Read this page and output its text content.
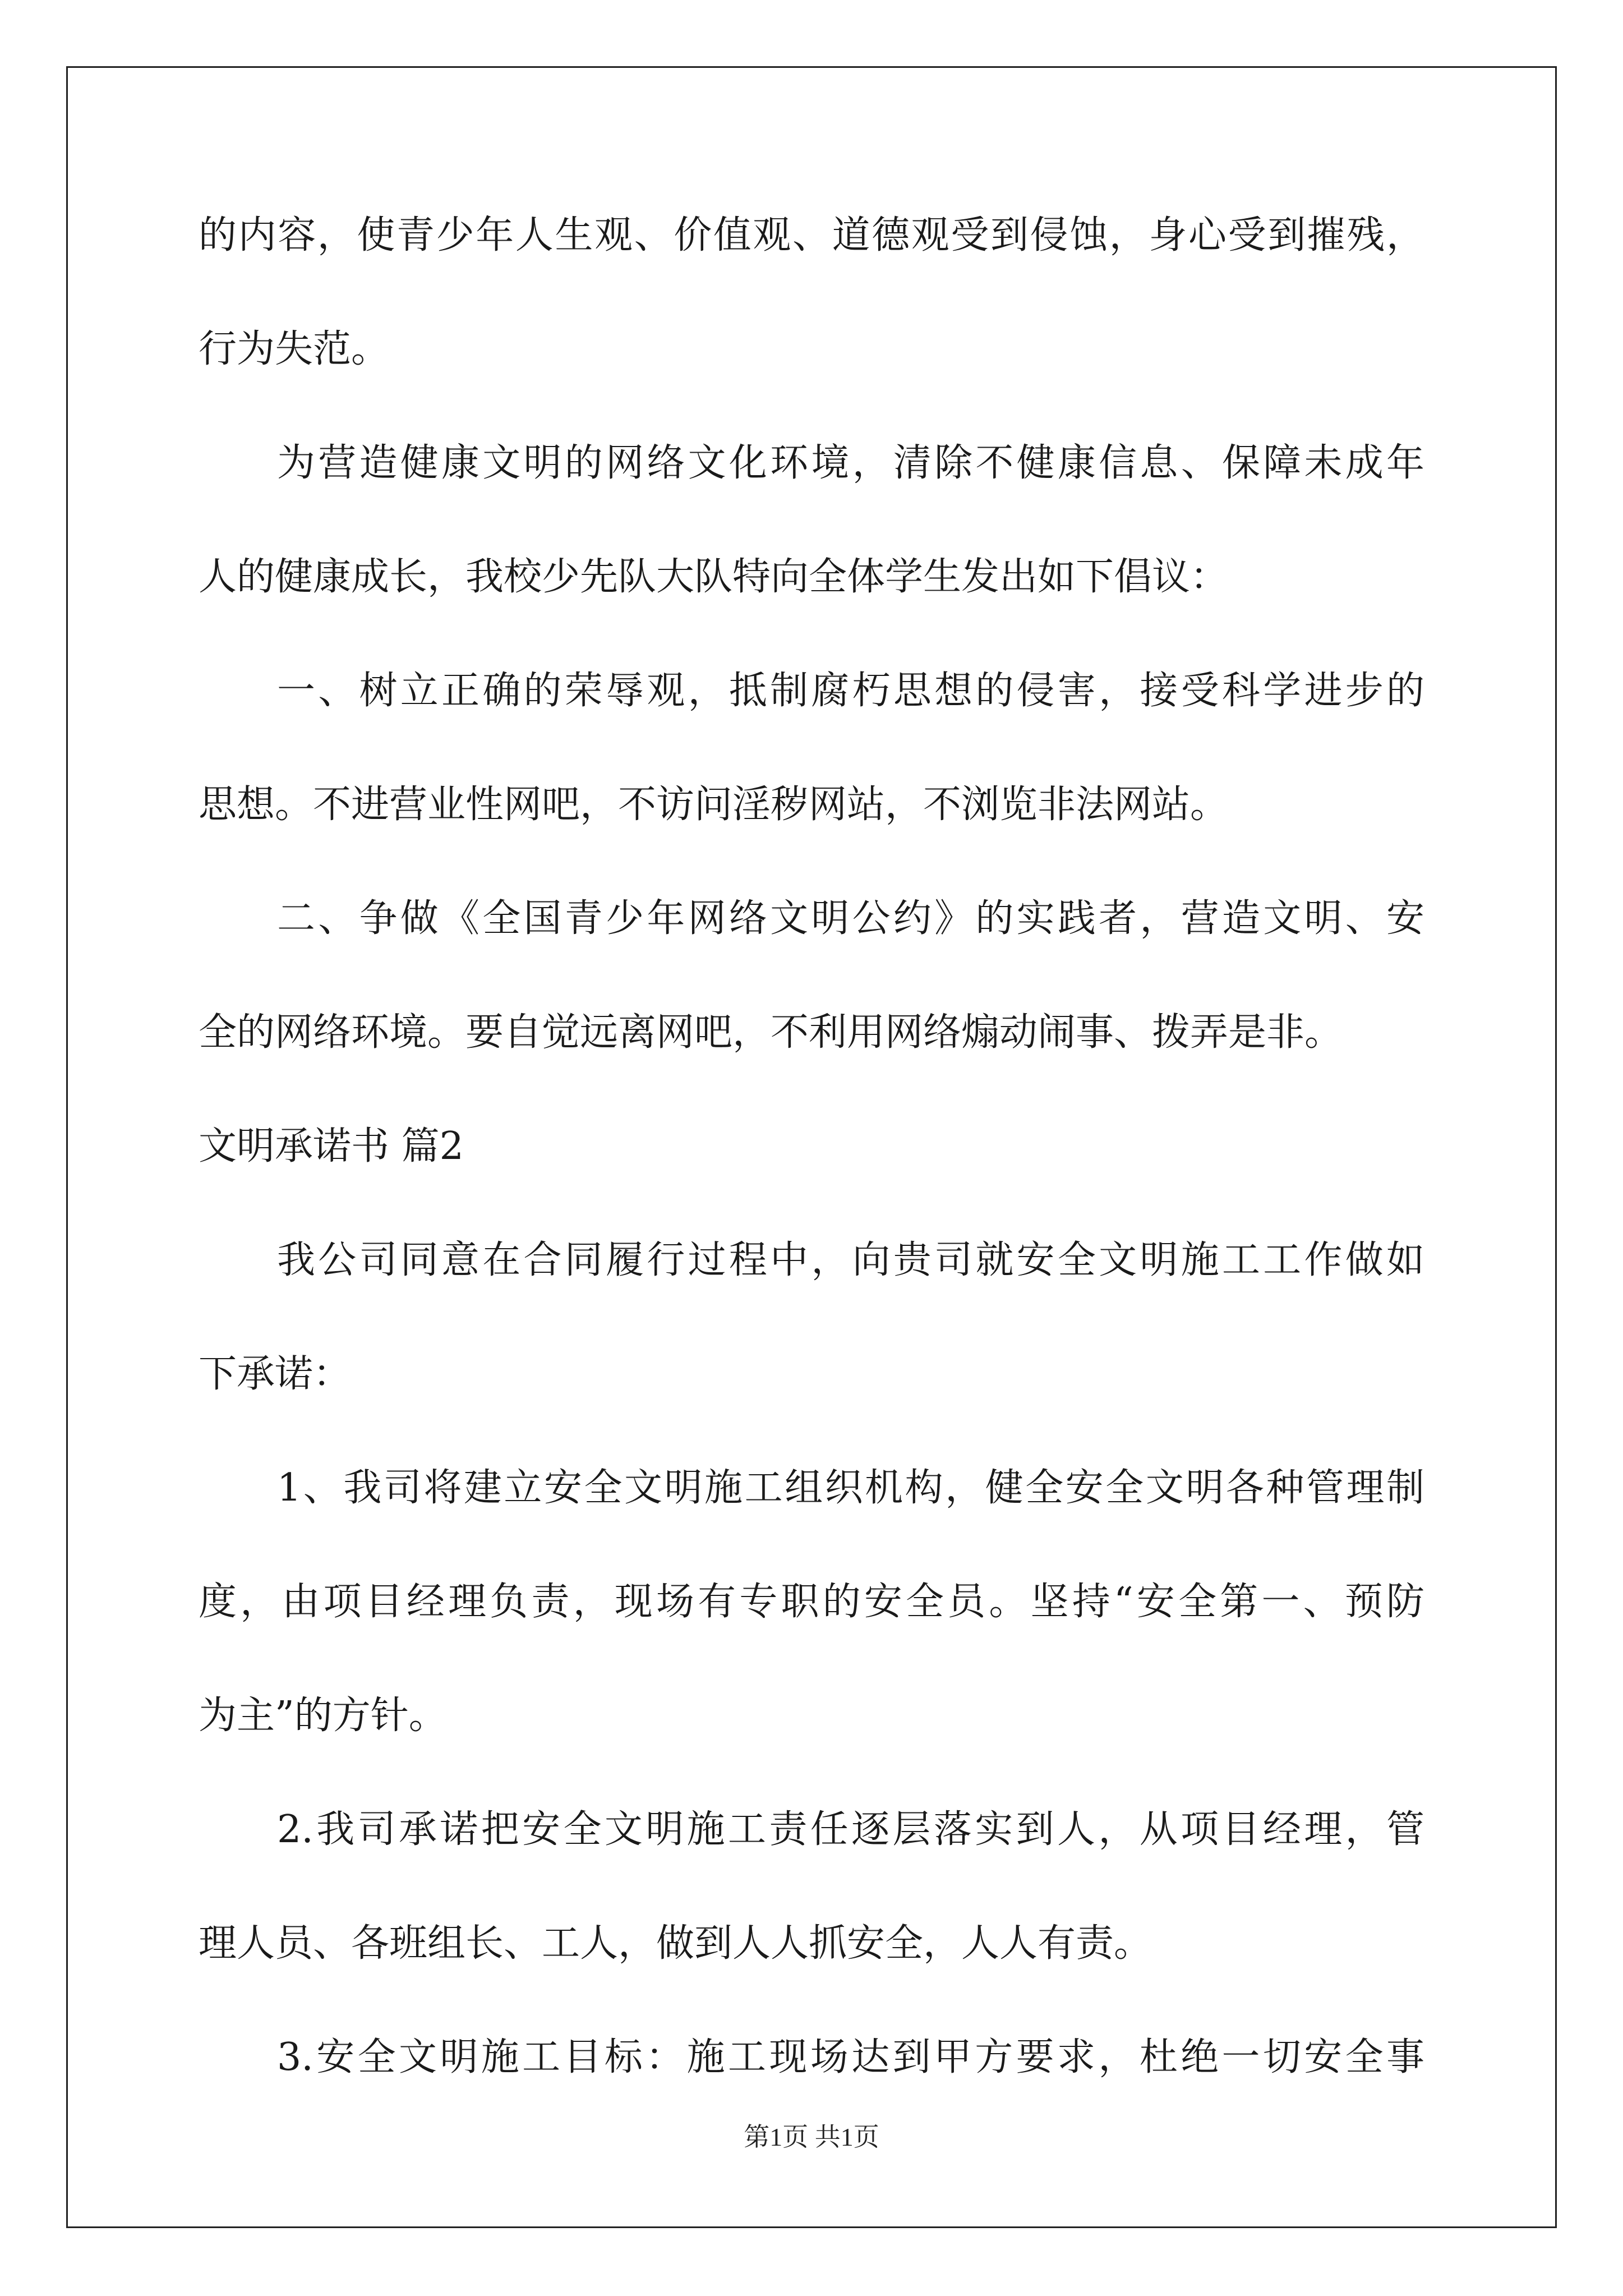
的内容，使青少年人生观、价值观、道德观受到侵蚀，身心受到摧残，
行为失范。
为营造健康文明的网络文化环境，清除不健康信息、保障未成年
人的健康成长，我校少先队大队特向全体学生发出如下倡议：
一、树立正确的荣辱观，抵制腐朽思想的侵害，接受科学进步的
思想。不进营业性网吧，不访问淫秽网站，不浏览非法网站。
二、争做《全国青少年网络文明公约》的实践者，营造文明、安
全的网络环境。要自觉远离网吧，不利用网络煽动闹事、拨弄是非。
文明承诺书 篇2
我公司同意在合同履行过程中，向贵司就安全文明施工工作做如
下承诺：
1、我司将建立安全文明施工组织机构，健全安全文明各种管理制
度，由项目经理负责，现场有专职的安全员。坚持“安全第一、预防
为主”的方针。
2.我司承诺把安全文明施工责任逐层落实到人，从项目经理，管
理人员、各班组长、工人，做到人人抓安全，人人有责。
3.安全文明施工目标：施工现场达到甲方要求，杜绝一切安全事
第1页 共1页
